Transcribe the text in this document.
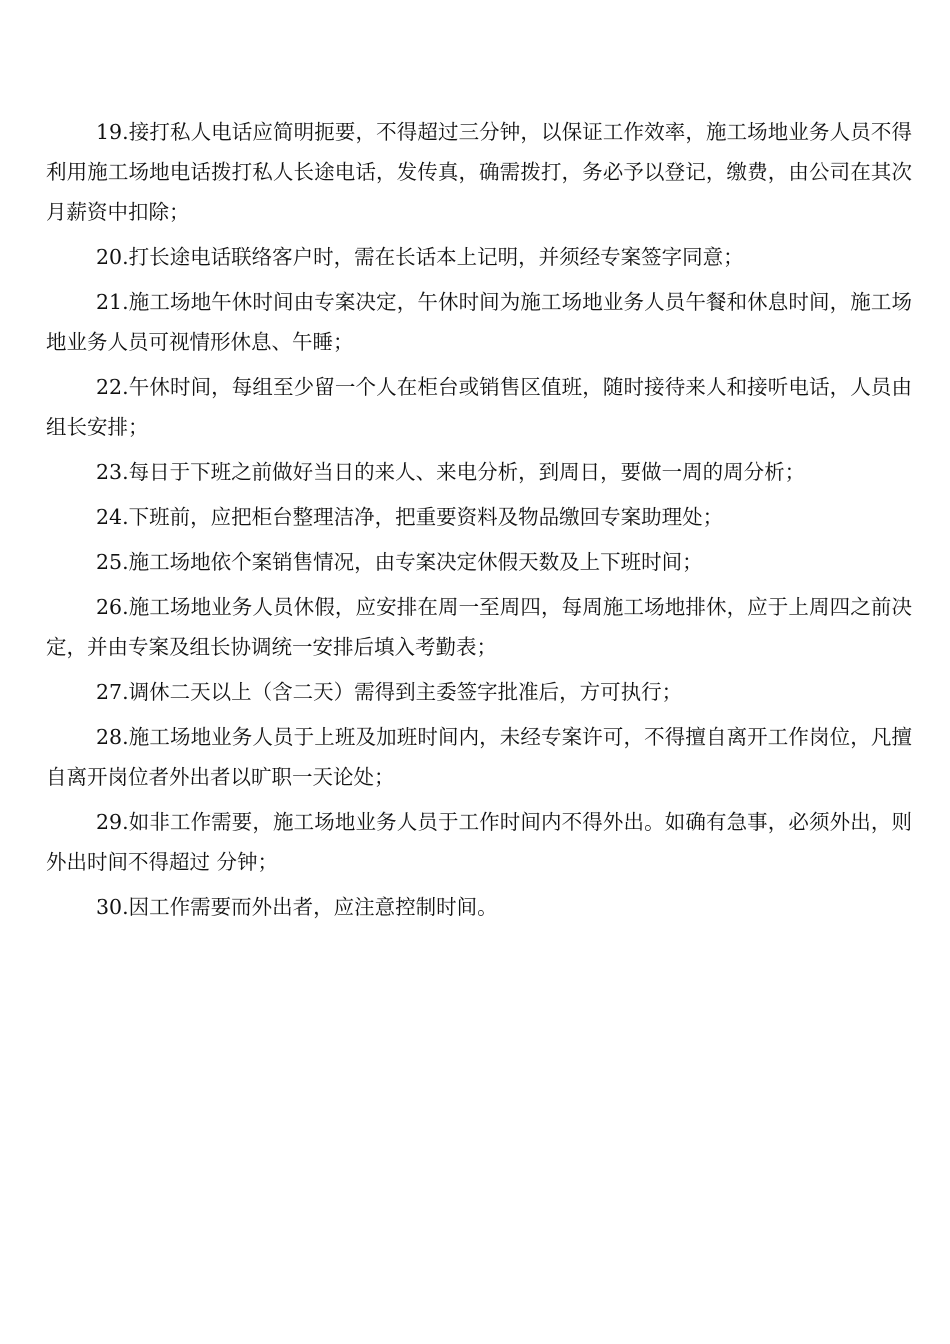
19.接打私人电话应简明扼要，不得超过三分钟，以保证工作效率，施工场地业务人员不得利用施工场地电话拨打私人长途电话，发传真，确需拨打，务必予以登记，缴费，由公司在其次月薪资中扣除；

20.打长途电话联络客户时，需在长话本上记明，并须经专案签字同意；

21.施工场地午休时间由专案决定，午休时间为施工场地业务人员午餐和休息时间，施工场地业务人员可视情形休息、午睡；

22.午休时间，每组至少留一个人在柜台或销售区值班，随时接待来人和接听电话，人员由组长安排；

23.每日于下班之前做好当日的来人、来电分析，到周日，要做一周的周分析；

24.下班前，应把柜台整理洁净，把重要资料及物品缴回专案助理处；

25.施工场地依个案销售情况，由专案决定休假天数及上下班时间；

26.施工场地业务人员休假，应安排在周一至周四，每周施工场地排休，应于上周四之前决定，并由专案及组长协调统一安排后填入考勤表；

27.调休二天以上（含二天）需得到主委签字批准后，方可执行；

28.施工场地业务人员于上班及加班时间内，未经专案许可，不得擅自离开工作岗位，凡擅自离开岗位者外出者以旷职一天论处；

29.如非工作需要，施工场地业务人员于工作时间内不得外出。如确有急事，必须外出，则外出时间不得超过 分钟；

30.因工作需要而外出者，应注意控制时间。
